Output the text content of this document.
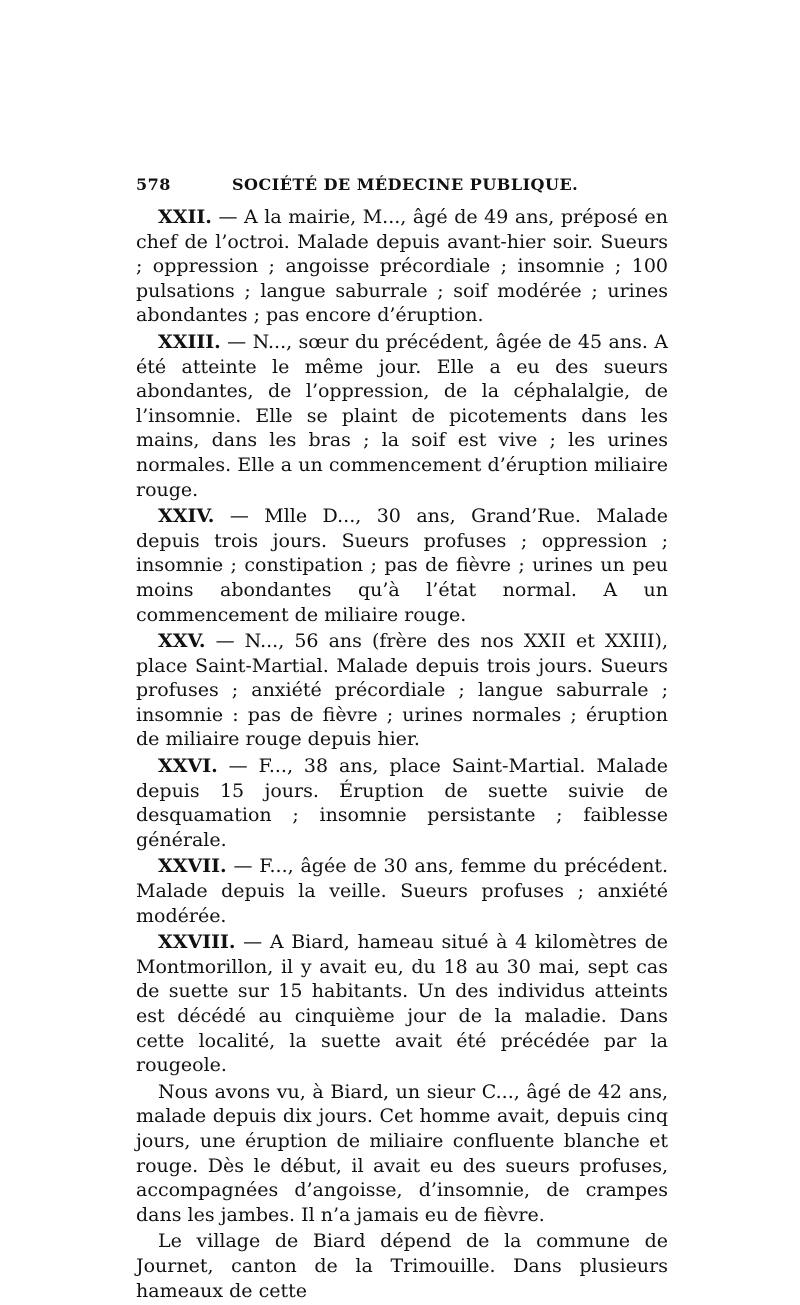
578	SOCIÉTÉ DE MÉDECINE PUBLIQUE.

XXII. — A la mairie, M..., âgé de 49 ans, préposé en chef de l’octroi. Malade depuis avant-hier soir. Sueurs ; oppression ; angoisse précordiale ; insomnie ; 100 pulsations ; langue saburrale ; soif modérée ; urines abondantes ; pas encore d’éruption.

XXIII. — N..., sœur du précédent, âgée de 45 ans. A été atteinte le même jour. Elle a eu des sueurs abondantes, de l’oppression, de la céphalalgie, de l’insomnie. Elle se plaint de picotements dans les mains, dans les bras ; la soif est vive ; les urines normales. Elle a un commencement d’éruption miliaire rouge.

XXIV. — Mlle D..., 30 ans, Grand’Rue. Malade depuis trois jours. Sueurs profuses ; oppression ; insomnie ; constipation ; pas de fièvre ; urines un peu moins abondantes qu’à l’état normal. A un commencement de miliaire rouge.

XXV. — N..., 56 ans (frère des nos XXII et XXIII), place Saint-Martial. Malade depuis trois jours. Sueurs profuses ; anxiété précordiale ; langue saburrale ; insomnie : pas de fièvre ; urines normales ; éruption de miliaire rouge depuis hier.

XXVI. — F..., 38 ans, place Saint-Martial. Malade depuis 15 jours. Éruption de suette suivie de desquamation ; insomnie persistante ; faiblesse générale.

XXVII. — F..., âgée de 30 ans, femme du précédent. Malade depuis la veille. Sueurs profuses ; anxiété modérée.

XXVIII. — A Biard, hameau situé à 4 kilomètres de Montmorillon, il y avait eu, du 18 au 30 mai, sept cas de suette sur 15 habitants. Un des individus atteints est décédé au cinquième jour de la maladie. Dans cette localité, la suette avait été précédée par la rougeole.

Nous avons vu, à Biard, un sieur C..., âgé de 42 ans, malade depuis dix jours. Cet homme avait, depuis cinq jours, une éruption de miliaire confluente blanche et rouge. Dès le début, il avait eu des sueurs profuses, accompagnées d’angoisse, d’insomnie, de crampes dans les jambes. Il n’a jamais eu de fièvre.

Le village de Biard dépend de la commune de Journet, canton de la Trimouille. Dans plusieurs hameaux de cette
